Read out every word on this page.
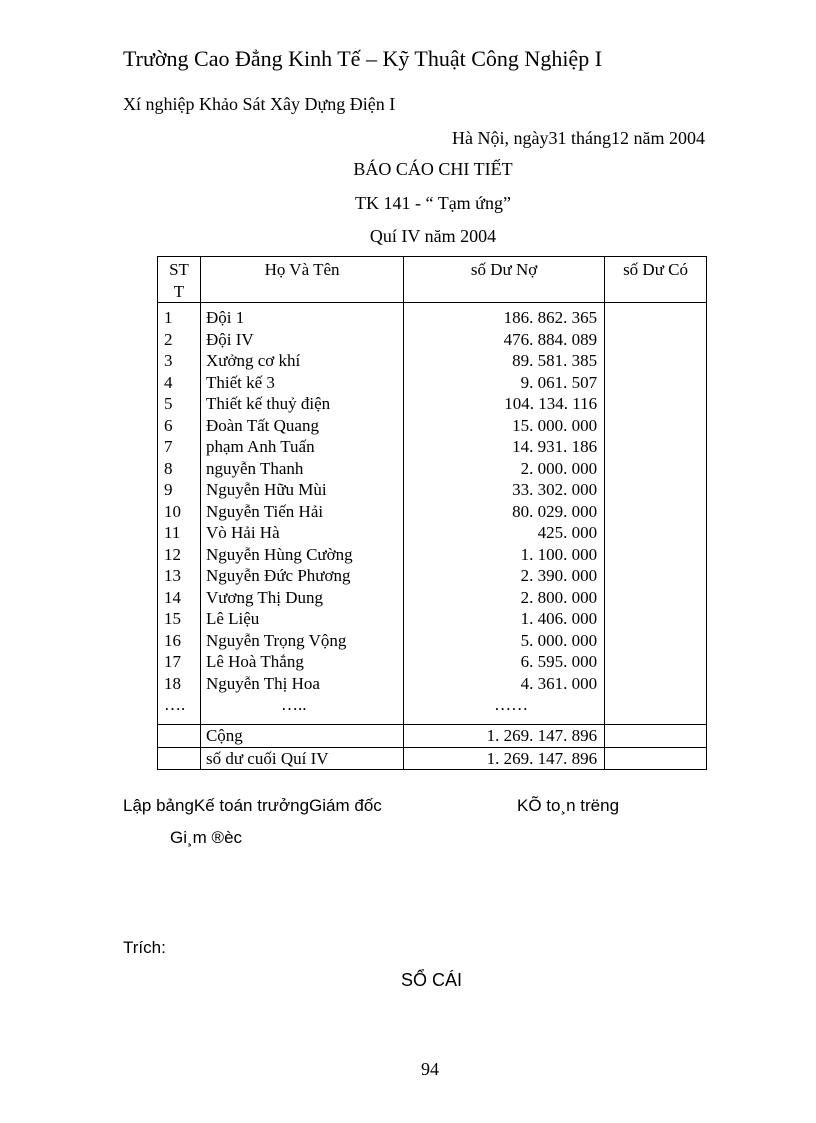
Trường Cao Đẳng Kinh Tế – Kỹ Thuật Công Nghiệp I
Xí nghiệp Khảo Sát Xây Dựng Điện I
Hà Nội, ngày31 tháng12 năm 2004
BÁO CÁO CHI TIẾT
TK 141 - “ Tạm ứng”
Quí IV năm 2004
ST
T	Họ Và Tên	số Dư Nợ	số Dư Có
1	Đội 1	186. 862. 365	
2	Đội IV	476. 884. 089	
3	Xưởng cơ khí	89. 581. 385	
4	Thiết kế 3	9. 061. 507	
5	Thiết kế thuỷ điện	104. 134. 116	
6	Đoàn Tất Quang	15. 000. 000	
7	phạm Anh Tuấn	14. 931. 186	
8	nguyễn Thanh	2. 000. 000	
9	Nguyễn Hữu Mùi	33. 302. 000	
10	Nguyễn Tiến Hải	80. 029. 000	
11	Vò Hải Hà	425. 000	
12	Nguyễn Hùng Cường	1. 100. 000	
13	Nguyễn Đức Phương	2. 390. 000	
14	Vương Thị Dung	2. 800. 000	
15	Lê Liệu	1. 406. 000	
16	Nguyễn Trọng Vộng	5. 000. 000	
17	Lê Hoà Thắng	6. 595. 000	
18	Nguyễn Thị Hoa	4. 361. 000	
….	…..	……	
	Cộng	1. 269. 147. 896	
	số dư cuối Quí IV	1. 269. 147. 896	
Lập bảngKế toán trưởngGiám đốc	KÕ to¸n trëng
Gi¸m ®èc
Trích:
SỔ CÁI
94
